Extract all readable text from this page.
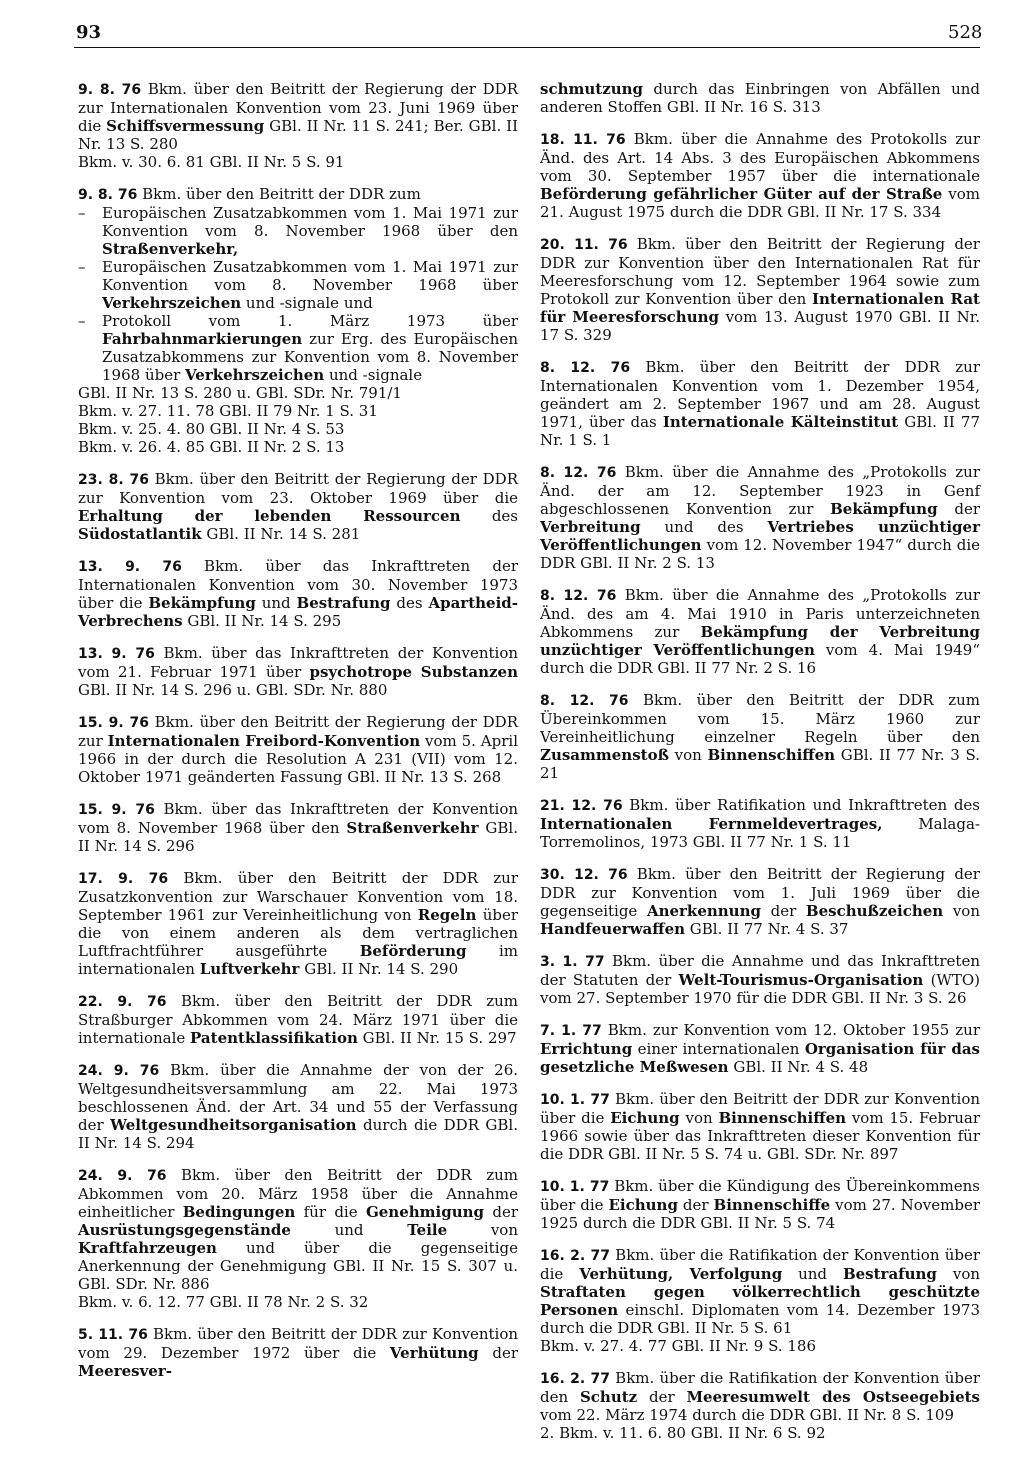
93	528

9. 8. 76 Bkm. über den Beitritt der Regierung der DDR zur Internationalen Konvention vom 23. Juni 1969 über die Schiffsvermessung GBl. II Nr. 11 S. 241; Ber. GBl. II Nr. 13 S. 280

Bkm. v. 30. 6. 81 GBl. II Nr. 5 S. 91

9. 8. 76 Bkm. über den Beitritt der DDR zum

– Europäischen Zusatzabkommen vom 1. Mai 1971 zur Konvention vom 8. November 1968 über den Straßenverkehr,
– Europäischen Zusatzabkommen vom 1. Mai 1971 zur Konvention vom 8. November 1968 über Verkehrszeichen und -signale und
– Protokoll vom 1. März 1973 über Fahrbahnmarkierungen zur Erg. des Europäischen Zusatzabkommens zur Konvention vom 8. November 1968 über Verkehrszeichen und -signale

GBl. II Nr. 13 S. 280 u. GBl. SDr. Nr. 791/1

Bkm. v. 27. 11. 78 GBl. II 79 Nr. 1 S. 31

Bkm. v. 25. 4. 80 GBl. II Nr. 4 S. 53

Bkm. v. 26. 4. 85 GBl. II Nr. 2 S. 13

23. 8. 76 Bkm. über den Beitritt der Regierung der DDR zur Konvention vom 23. Oktober 1969 über die Erhaltung der lebenden Ressourcen des Südostatlantik GBl. II Nr. 14 S. 281

13. 9. 76 Bkm. über das Inkrafttreten der Internationalen Konvention vom 30. November 1973 über die Bekämpfung und Bestrafung des Apartheid-Verbrechens GBl. II Nr. 14 S. 295

13. 9. 76 Bkm. über das Inkrafttreten der Konvention vom 21. Februar 1971 über psychotrope Substanzen GBl. II Nr. 14 S. 296 u. GBl. SDr. Nr. 880

15. 9. 76 Bkm. über den Beitritt der Regierung der DDR zur Internationalen Freibord-Konvention vom 5. April 1966 in der durch die Resolution A 231 (VII) vom 12. Oktober 1971 geänderten Fassung GBl. II Nr. 13 S. 268

15. 9. 76 Bkm. über das Inkrafttreten der Konvention vom 8. November 1968 über den Straßenverkehr GBl. II Nr. 14 S. 296

17. 9. 76 Bkm. über den Beitritt der DDR zur Zusatzkonvention zur Warschauer Konvention vom 18. September 1961 zur Vereinheitlichung von Regeln über die von einem anderen als dem vertraglichen Luftfrachtführer ausgeführte Beförderung im internationalen Luftverkehr GBl. II Nr. 14 S. 290

22. 9. 76 Bkm. über den Beitritt der DDR zum Straßburger Abkommen vom 24. März 1971 über die internationale Patentklassifikation GBl. II Nr. 15 S. 297

24. 9. 76 Bkm. über die Annahme der von der 26. Weltgesundheitsversammlung am 22. Mai 1973 beschlossenen Änd. der Art. 34 und 55 der Verfassung der Weltgesundheitsorganisation durch die DDR GBl. II Nr. 14 S. 294

24. 9. 76 Bkm. über den Beitritt der DDR zum Abkommen vom 20. März 1958 über die Annahme einheitlicher Bedingungen für die Genehmigung der Ausrüstungsgegenstände und Teile von Kraftfahrzeugen und über die gegenseitige Anerkennung der Genehmigung GBl. II Nr. 15 S. 307 u. GBl. SDr. Nr. 886

Bkm. v. 6. 12. 77 GBl. II 78 Nr. 2 S. 32

5. 11. 76 Bkm. über den Beitritt der DDR zur Konvention vom 29. Dezember 1972 über die Verhütung der Meeresver-

schmutzung durch das Einbringen von Abfällen und anderen Stoffen GBl. II Nr. 16 S. 313

18. 11. 76 Bkm. über die Annahme des Protokolls zur Änd. des Art. 14 Abs. 3 des Europäischen Abkommens vom 30. September 1957 über die internationale Beförderung gefährlicher Güter auf der Straße vom 21. August 1975 durch die DDR GBl. II Nr. 17 S. 334

20. 11. 76 Bkm. über den Beitritt der Regierung der DDR zur Konvention über den Internationalen Rat für Meeresforschung vom 12. September 1964 sowie zum Protokoll zur Konvention über den Internationalen Rat für Meeresforschung vom 13. August 1970 GBl. II Nr. 17 S. 329

8. 12. 76 Bkm. über den Beitritt der DDR zur Internationalen Konvention vom 1. Dezember 1954, geändert am 2. September 1967 und am 28. August 1971, über das Internationale Kälteinstitut GBl. II 77 Nr. 1 S. 1

8. 12. 76 Bkm. über die Annahme des „Protokolls zur Änd. der am 12. September 1923 in Genf abgeschlossenen Konvention zur Bekämpfung der Verbreitung und des Vertriebes unzüchtiger Veröffentlichungen vom 12. November 1947“ durch die DDR GBl. II Nr. 2 S. 13

8. 12. 76 Bkm. über die Annahme des „Protokolls zur Änd. des am 4. Mai 1910 in Paris unterzeichneten Abkommens zur Bekämpfung der Verbreitung unzüchtiger Veröffentlichungen vom 4. Mai 1949“ durch die DDR GBl. II 77 Nr. 2 S. 16

8. 12. 76 Bkm. über den Beitritt der DDR zum Übereinkommen vom 15. März 1960 zur Vereinheitlichung einzelner Regeln über den Zusammenstoß von Binnenschiffen GBl. II 77 Nr. 3 S. 21

21. 12. 76 Bkm. über Ratifikation und Inkrafttreten des Internationalen Fernmeldevertrages, Malaga-Torremolinos, 1973 GBl. II 77 Nr. 1 S. 11

30. 12. 76 Bkm. über den Beitritt der Regierung der DDR zur Konvention vom 1. Juli 1969 über die gegenseitige Anerkennung der Beschußzeichen von Handfeuerwaffen GBl. II 77 Nr. 4 S. 37

3. 1. 77 Bkm. über die Annahme und das Inkrafttreten der Statuten der Welt-Tourismus-Organisation (WTO) vom 27. September 1970 für die DDR GBl. II Nr. 3 S. 26

7. 1. 77 Bkm. zur Konvention vom 12. Oktober 1955 zur Errichtung einer internationalen Organisation für das gesetzliche Meßwesen GBl. II Nr. 4 S. 48

10. 1. 77 Bkm. über den Beitritt der DDR zur Konvention über die Eichung von Binnenschiffen vom 15. Februar 1966 sowie über das Inkrafttreten dieser Konvention für die DDR GBl. II Nr. 5 S. 74 u. GBl. SDr. Nr. 897

10. 1. 77 Bkm. über die Kündigung des Übereinkommens über die Eichung der Binnenschiffe vom 27. November 1925 durch die DDR GBl. II Nr. 5 S. 74

16. 2. 77 Bkm. über die Ratifikation der Konvention über die Verhütung, Verfolgung und Bestrafung von Straftaten gegen völkerrechtlich geschützte Personen einschl. Diplomaten vom 14. Dezember 1973 durch die DDR GBl. II Nr. 5 S. 61

Bkm. v. 27. 4. 77 GBl. II Nr. 9 S. 186

16. 2. 77 Bkm. über die Ratifikation der Konvention über den Schutz der Meeresumwelt des Ostseegebiets vom 22. März 1974 durch die DDR GBl. II Nr. 8 S. 109

2. Bkm. v. 11. 6. 80 GBl. II Nr. 6 S. 92
